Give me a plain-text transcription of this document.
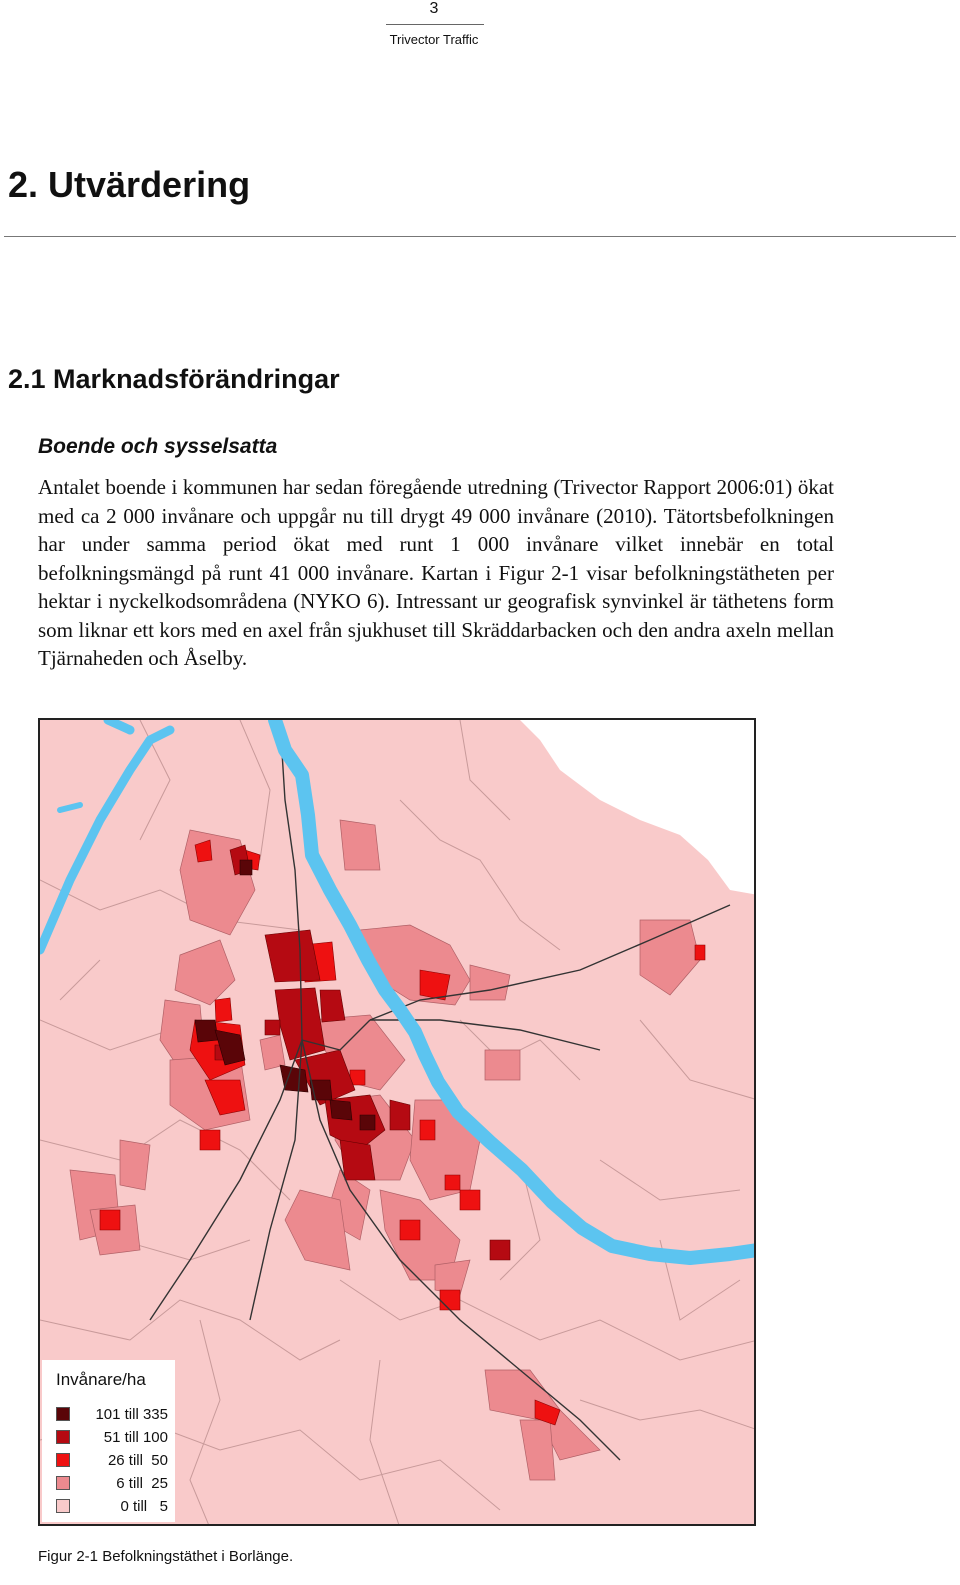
3
Trivector Traffic
2. Utvärdering
2.1 Marknadsförändringar
Boende och sysselsatta

Antalet boende i kommunen har sedan föregående utredning (Trivector Rapport 2006:01) ökat med ca 2 000 invånare och uppgår nu till drygt 49 000 invånare (2010). Tätortsbefolkningen har under samma period ökat med runt 1 000 invånare vilket innebär en total befolkningsmängd på runt 41 000 invånare. Kartan i Figur 2-1 visar befolkningstätheten per hektar i nyckelkodsområdena (NYKO 6). Intressant ur geografisk synvinkel är täthetens form som liknar ett kors med en axel från sjukhuset till Skräddarbacken och den andra axeln mellan Tjärnaheden och Åselby.

Invånare/ha
101 till 335
51 till 100
26 till  50
6 till  25
0 till   5
Figur 2-1 Befolkningstäthet i Borlänge.
